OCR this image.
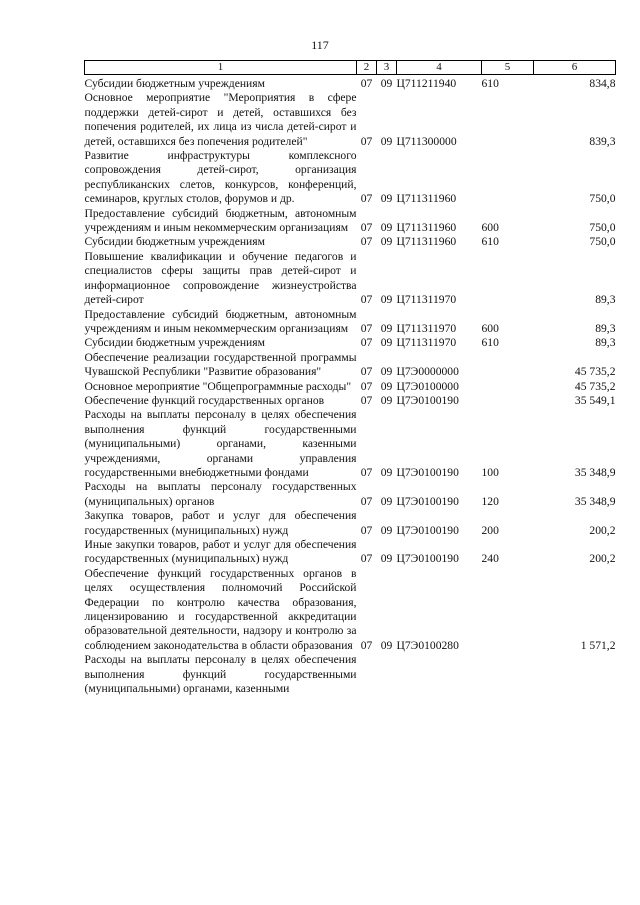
117
1	2	3	4	5	6
Субсидии бюджетным учреждениям	07	09	Ц711211940	610	834,8
Основное мероприятие "Мероприятия в сфере поддержки детей-сирот и детей, оставшихся без попечения родителей, их лица из числа детей-сирот и детей, оставшихся без попечения родителей"	07	09	Ц711300000		839,3
Развитие инфраструктуры комплексного сопровождения детей-сирот, организация республиканских слетов, конкурсов, конференций, семинаров, круглых столов, форумов и др.	07	09	Ц711311960		750,0
Предоставление субсидий бюджетным, автономным учреждениям и иным некоммерческим организациям	07	09	Ц711311960	600	750,0
Субсидии бюджетным учреждениям	07	09	Ц711311960	610	750,0
Повышение квалификации и обучение педагогов и специалистов сферы защиты прав детей-сирот и информационное сопровождение жизнеустройства детей-сирот	07	09	Ц711311970		89,3
Предоставление субсидий бюджетным, автономным учреждениям и иным некоммерческим организациям	07	09	Ц711311970	600	89,3
Субсидии бюджетным учреждениям	07	09	Ц711311970	610	89,3
Обеспечение реализации государственной программы Чувашской Республики "Развитие образования"	07	09	Ц7Э0000000		45 735,2
Основное мероприятие "Общепрограммные расходы"	07	09	Ц7Э0100000		45 735,2
Обеспечение функций государственных органов	07	09	Ц7Э0100190		35 549,1
Расходы на выплаты персоналу в целях обеспечения выполнения функций государственными (муниципальными) органами, казенными учреждениями, органами управления государственными внебюджетными фондами	07	09	Ц7Э0100190	100	35 348,9
Расходы на выплаты персоналу государственных (муниципальных) органов	07	09	Ц7Э0100190	120	35 348,9
Закупка товаров, работ и услуг для обеспечения государственных (муниципальных) нужд	07	09	Ц7Э0100190	200	200,2
Иные закупки товаров, работ и услуг для обеспечения государственных (муниципальных) нужд	07	09	Ц7Э0100190	240	200,2
Обеспечение функций государственных органов в целях осуществления полномочий Российской Федерации по контролю качества образования, лицензированию и государственной аккредитации образовательной деятельности, надзору и контролю за соблюдением законодательства в области образования	07	09	Ц7Э0100280		1 571,2
Расходы на выплаты персоналу в целях обеспечения выполнения функций государственными (муниципальными) органами, казенными					
